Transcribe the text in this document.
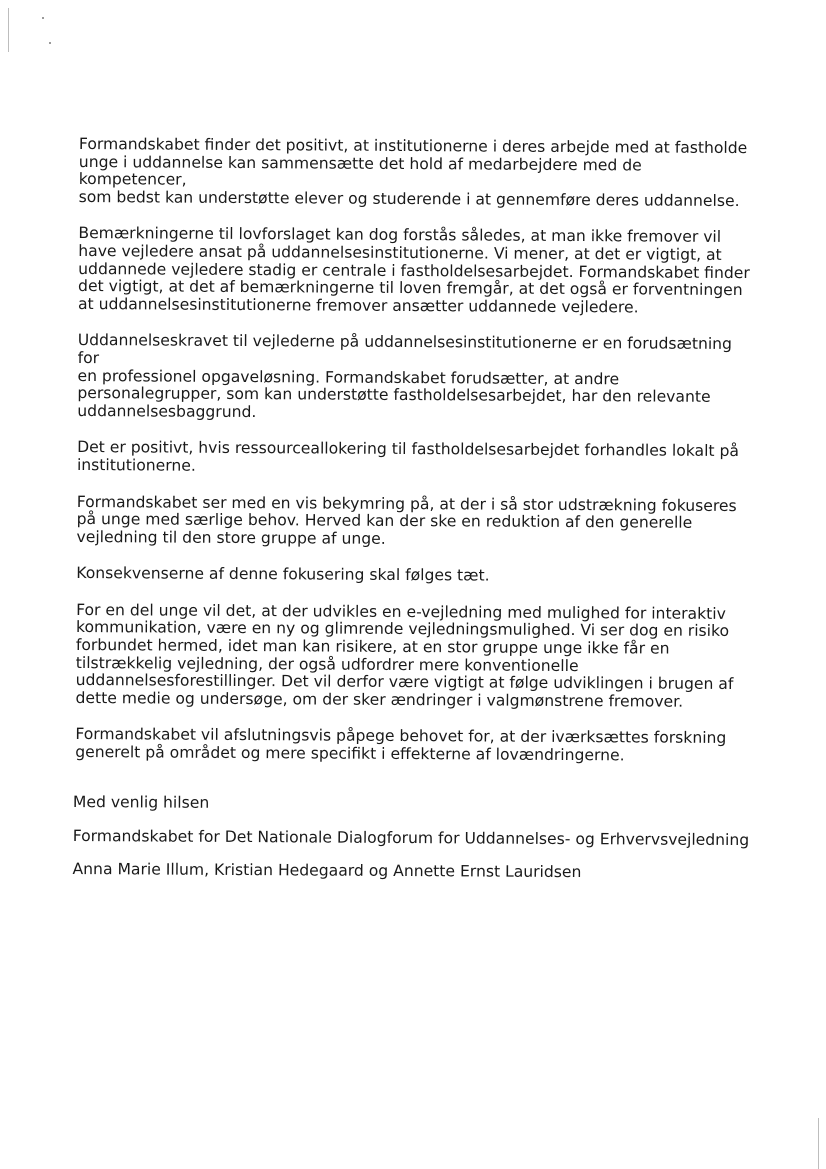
Formandskabet finder det positivt, at institutionerne i deres arbejde med at fastholde
unge i uddannelse kan sammensætte det hold af medarbejdere med de kompetencer,
som bedst kan understøtte elever og studerende i at gennemføre deres uddannelse.

Bemærkningerne til lovforslaget kan dog forstås således, at man ikke fremover vil
have vejledere ansat på uddannelsesinstitutionerne. Vi mener, at det er vigtigt, at
uddannede vejledere stadig er centrale i fastholdelsesarbejdet. Formandskabet finder
det vigtigt, at det af bemærkningerne til loven fremgår, at det også er forventningen
at uddannelsesinstitutionerne fremover ansætter uddannede vejledere.

Uddannelseskravet til vejlederne på uddannelsesinstitutionerne er en forudsætning for
en professionel opgaveløsning. Formandskabet forudsætter, at andre
personalegrupper, som kan understøtte fastholdelsesarbejdet, har den relevante
uddannelsesbaggrund.

Det er positivt, hvis ressourceallokering til fastholdelsesarbejdet forhandles lokalt på
institutionerne.

Formandskabet ser med en vis bekymring på, at der i så stor udstrækning fokuseres
på unge med særlige behov. Herved kan der ske en reduktion af den generelle
vejledning til den store gruppe af unge.

Konsekvenserne af denne fokusering skal følges tæt.

For en del unge vil det, at der udvikles en e-vejledning med mulighed for interaktiv
kommunikation, være en ny og glimrende vejledningsmulighed. Vi ser dog en risiko
forbundet hermed, idet man kan risikere, at en stor gruppe unge ikke får en
tilstrækkelig vejledning, der også udfordrer mere konventionelle
uddannelsesforestillinger. Det vil derfor være vigtigt at følge udviklingen i brugen af
dette medie og undersøge, om der sker ændringer i valgmønstrene fremover.

Formandskabet vil afslutningsvis påpege behovet for, at der iværksættes forskning
generelt på området og mere specifikt i effekterne af lovændringerne.

Med venlig hilsen
Formandskabet for Det Nationale Dialogforum for Uddannelses- og Erhvervsvejledning
Anna Marie Illum, Kristian Hedegaard og Annette Ernst Lauridsen
